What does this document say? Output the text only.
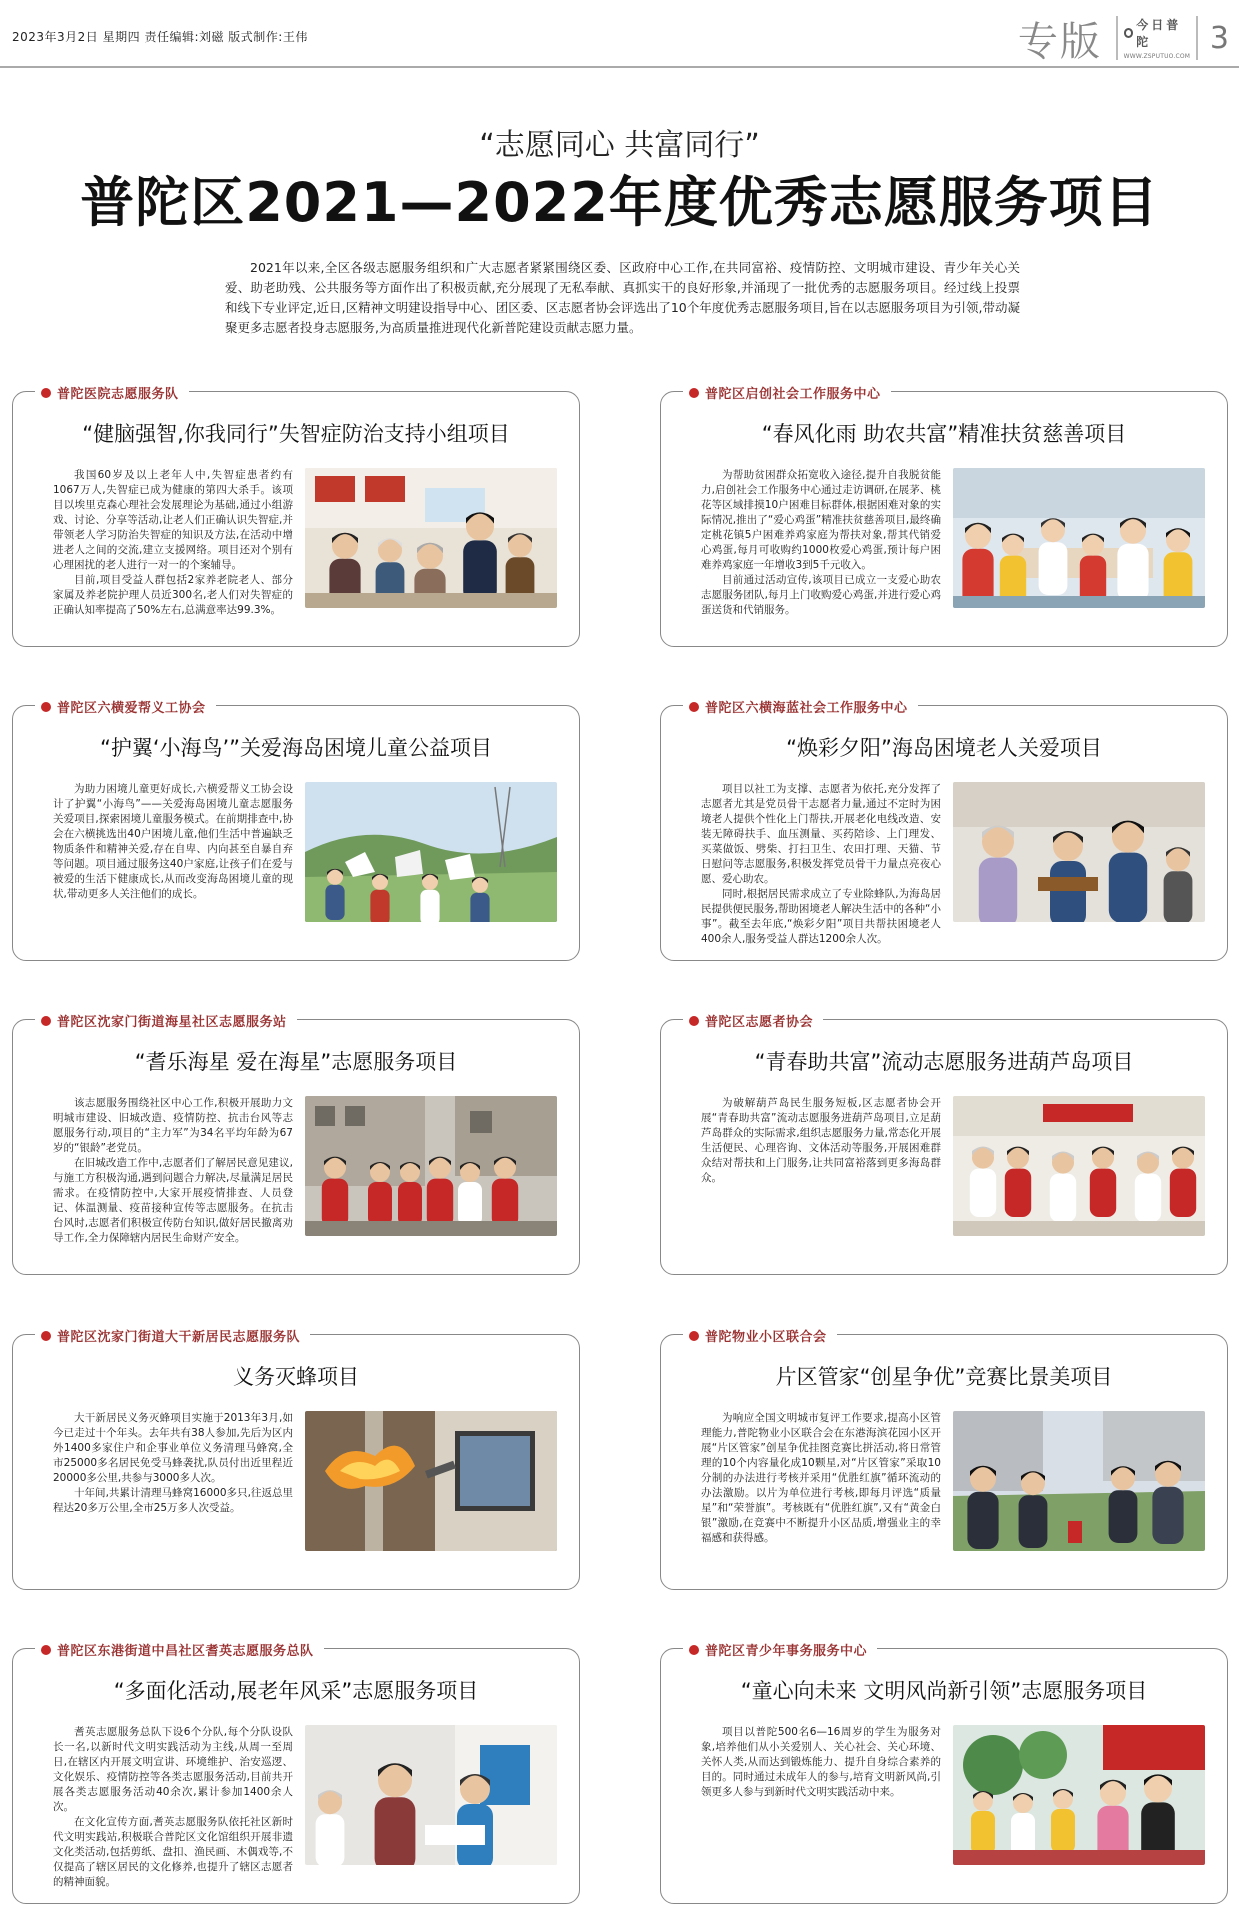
2023年3月2日 星期四 责任编辑:刘磁 版式制作:王伟	专版	今日普陀
WWW.ZSPUTUO.COM
3
“志愿同心 共富同行”
普陀区2021—2022年度优秀志愿服务项目

2021年以来,全区各级志愿服务组织和广大志愿者紧紧围绕区委、区政府中心工作,在共同富裕、疫情防控、文明城市建设、青少年关心关爱、助老助残、公共服务等方面作出了积极贡献,充分展现了无私奉献、真抓实干的良好形象,并涌现了一批优秀的志愿服务项目。经过线上投票和线下专业评定,近日,区精神文明建设指导中心、团区委、区志愿者协会评选出了10个年度优秀志愿服务项目,旨在以志愿服务项目为引领,带动凝聚更多志愿者投身志愿服务,为高质量推进现代化新普陀建设贡献志愿力量。

普陀医院志愿服务队
“健脑强智,你我同行”失智症防治支持小组项目

我国60岁及以上老年人中,失智症患者约有1067万人,失智症已成为健康的第四大杀手。该项目以埃里克森心理社会发展理论为基础,通过小组游戏、讨论、分享等活动,让老人们正确认识失智症,并带领老人学习防治失智症的知识及方法,在活动中增进老人之间的交流,建立支援网络。项目还对个别有心理困扰的老人进行一对一的个案辅导。

目前,项目受益人群包括2家养老院老人、部分家属及养老院护理人员近300名,老人们对失智症的正确认知率提高了50%左右,总满意率达99.3%。

普陀区启创社会工作服务中心
“春风化雨 助农共富”精准扶贫慈善项目

为帮助贫困群众拓宽收入途径,提升自我脱贫能力,启创社会工作服务中心通过走访调研,在展茅、桃花等区域排摸10户困难目标群体,根据困难对象的实际情况,推出了“爱心鸡蛋”精准扶贫慈善项目,最终确定桃花镇5户困难养鸡家庭为帮扶对象,帮其代销爱心鸡蛋,每月可收购约1000枚爱心鸡蛋,预计每户困难养鸡家庭一年增收3到5千元收入。

目前通过活动宣传,该项目已成立一支爱心助农志愿服务团队,每月上门收购爱心鸡蛋,并进行爱心鸡蛋送货和代销服务。

普陀区六横爱帮义工协会
“护翼‘小海鸟’”关爱海岛困境儿童公益项目

为助力困境儿童更好成长,六横爱帮义工协会设计了护翼“小海鸟”——关爱海岛困境儿童志愿服务关爱项目,探索困境儿童服务模式。在前期排查中,协会在六横挑选出40户困境儿童,他们生活中普遍缺乏物质条件和精神关爱,存在自卑、内向甚至自暴自弃等问题。项目通过服务这40户家庭,让孩子们在爱与被爱的生活下健康成长,从而改变海岛困境儿童的现状,带动更多人关注他们的成长。

普陀区六横海蓝社会工作服务中心
“焕彩夕阳”海岛困境老人关爱项目

项目以社工为支撑、志愿者为依托,充分发挥了志愿者尤其是党员骨干志愿者力量,通过不定时为困境老人提供个性化上门帮扶,开展老化电线改造、安装无障碍扶手、血压测量、买药陪诊、上门理发、买菜做饭、劈柴、打扫卫生、农田打理、天猫、节日慰问等志愿服务,积极发挥党员骨干力量点亮夜心愿、爱心助农。

同时,根据居民需求成立了专业除蜂队,为海岛居民提供便民服务,帮助困境老人解决生活中的各种“小事”。截至去年底,“焕彩夕阳”项目共帮扶困境老人400余人,服务受益人群达1200余人次。

普陀区沈家门街道海星社区志愿服务站
“耆乐海星 爱在海星”志愿服务项目

该志愿服务围绕社区中心工作,积极开展助力文明城市建设、旧城改造、疫情防控、抗击台风等志愿服务行动,项目的“主力军”为34名平均年龄为67岁的“银龄”老党员。

在旧城改造工作中,志愿者们了解居民意见建议,与施工方积极沟通,遇到问题合力解决,尽量满足居民需求。在疫情防控中,大家开展疫情排查、人员登记、体温测量、疫苗接种宣传等志愿服务。在抗击台风时,志愿者们积极宣传防台知识,做好居民撤离劝导工作,全力保障辖内居民生命财产安全。

普陀区志愿者协会
“青春助共富”流动志愿服务进葫芦岛项目

为破解葫芦岛民生服务短板,区志愿者协会开展“青春助共富”流动志愿服务进葫芦岛项目,立足葫芦岛群众的实际需求,组织志愿服务力量,常态化开展生活便民、心理咨询、文体活动等服务,开展困难群众结对帮扶和上门服务,让共同富裕落到更多海岛群众。

普陀区沈家门街道大干新居民志愿服务队
义务灭蜂项目

大干新居民义务灭蜂项目实施于2013年3月,如今已走过十个年头。去年共有38人参加,先后为区内外1400多家住户和企事业单位义务清理马蜂窝,全市25000多名居民免受马蜂袭扰,队员付出近里程近20000多公里,共参与3000多人次。

十年间,共累计清理马蜂窝16000多只,往返总里程达20多万公里,全市25万多人次受益。

普陀物业小区联合会
片区管家“创星争优”竞赛比景美项目

为响应全国文明城市复评工作要求,提高小区管理能力,普陀物业小区联合会在东港海滨花园小区开展“片区管家”创星争优挂图竞赛比拼活动,将日常管理的10个内容量化成10颗星,对“片区管家”采取10分制的办法进行考核并采用“优胜红旗”循环流动的办法激励。以片为单位进行考核,即每月评选“质量星”和“荣誉旗”。考核既有“优胜红旗”,又有“黄金白银”激励,在竞赛中不断提升小区品质,增强业主的幸福感和获得感。

普陀区东港街道中昌社区耆英志愿服务总队
“多面化活动,展老年风采”志愿服务项目

耆英志愿服务总队下设6个分队,每个分队设队长一名,以新时代文明实践活动为主线,从周一至周日,在辖区内开展文明宣讲、环境维护、治安巡逻、文化娱乐、疫情防控等各类志愿服务活动,目前共开展各类志愿服务活动40余次,累计参加1400余人次。

在文化宣传方面,耆英志愿服务队依托社区新时代文明实践站,积极联合普陀区文化馆组织开展非遗文化类活动,包括剪纸、盘扣、渔民画、木偶戏等,不仅提高了辖区居民的文化修养,也提升了辖区志愿者的精神面貌。

普陀区青少年事务服务中心
“童心向未来 文明风尚新引领”志愿服务项目

项目以普陀500名6—16周岁的学生为服务对象,培养他们从小关爱别人、关心社会、关心环境、关怀人类,从而达到锻炼能力、提升自身综合素养的目的。同时通过未成年人的参与,培育文明新风尚,引领更多人参与到新时代文明实践活动中来。
